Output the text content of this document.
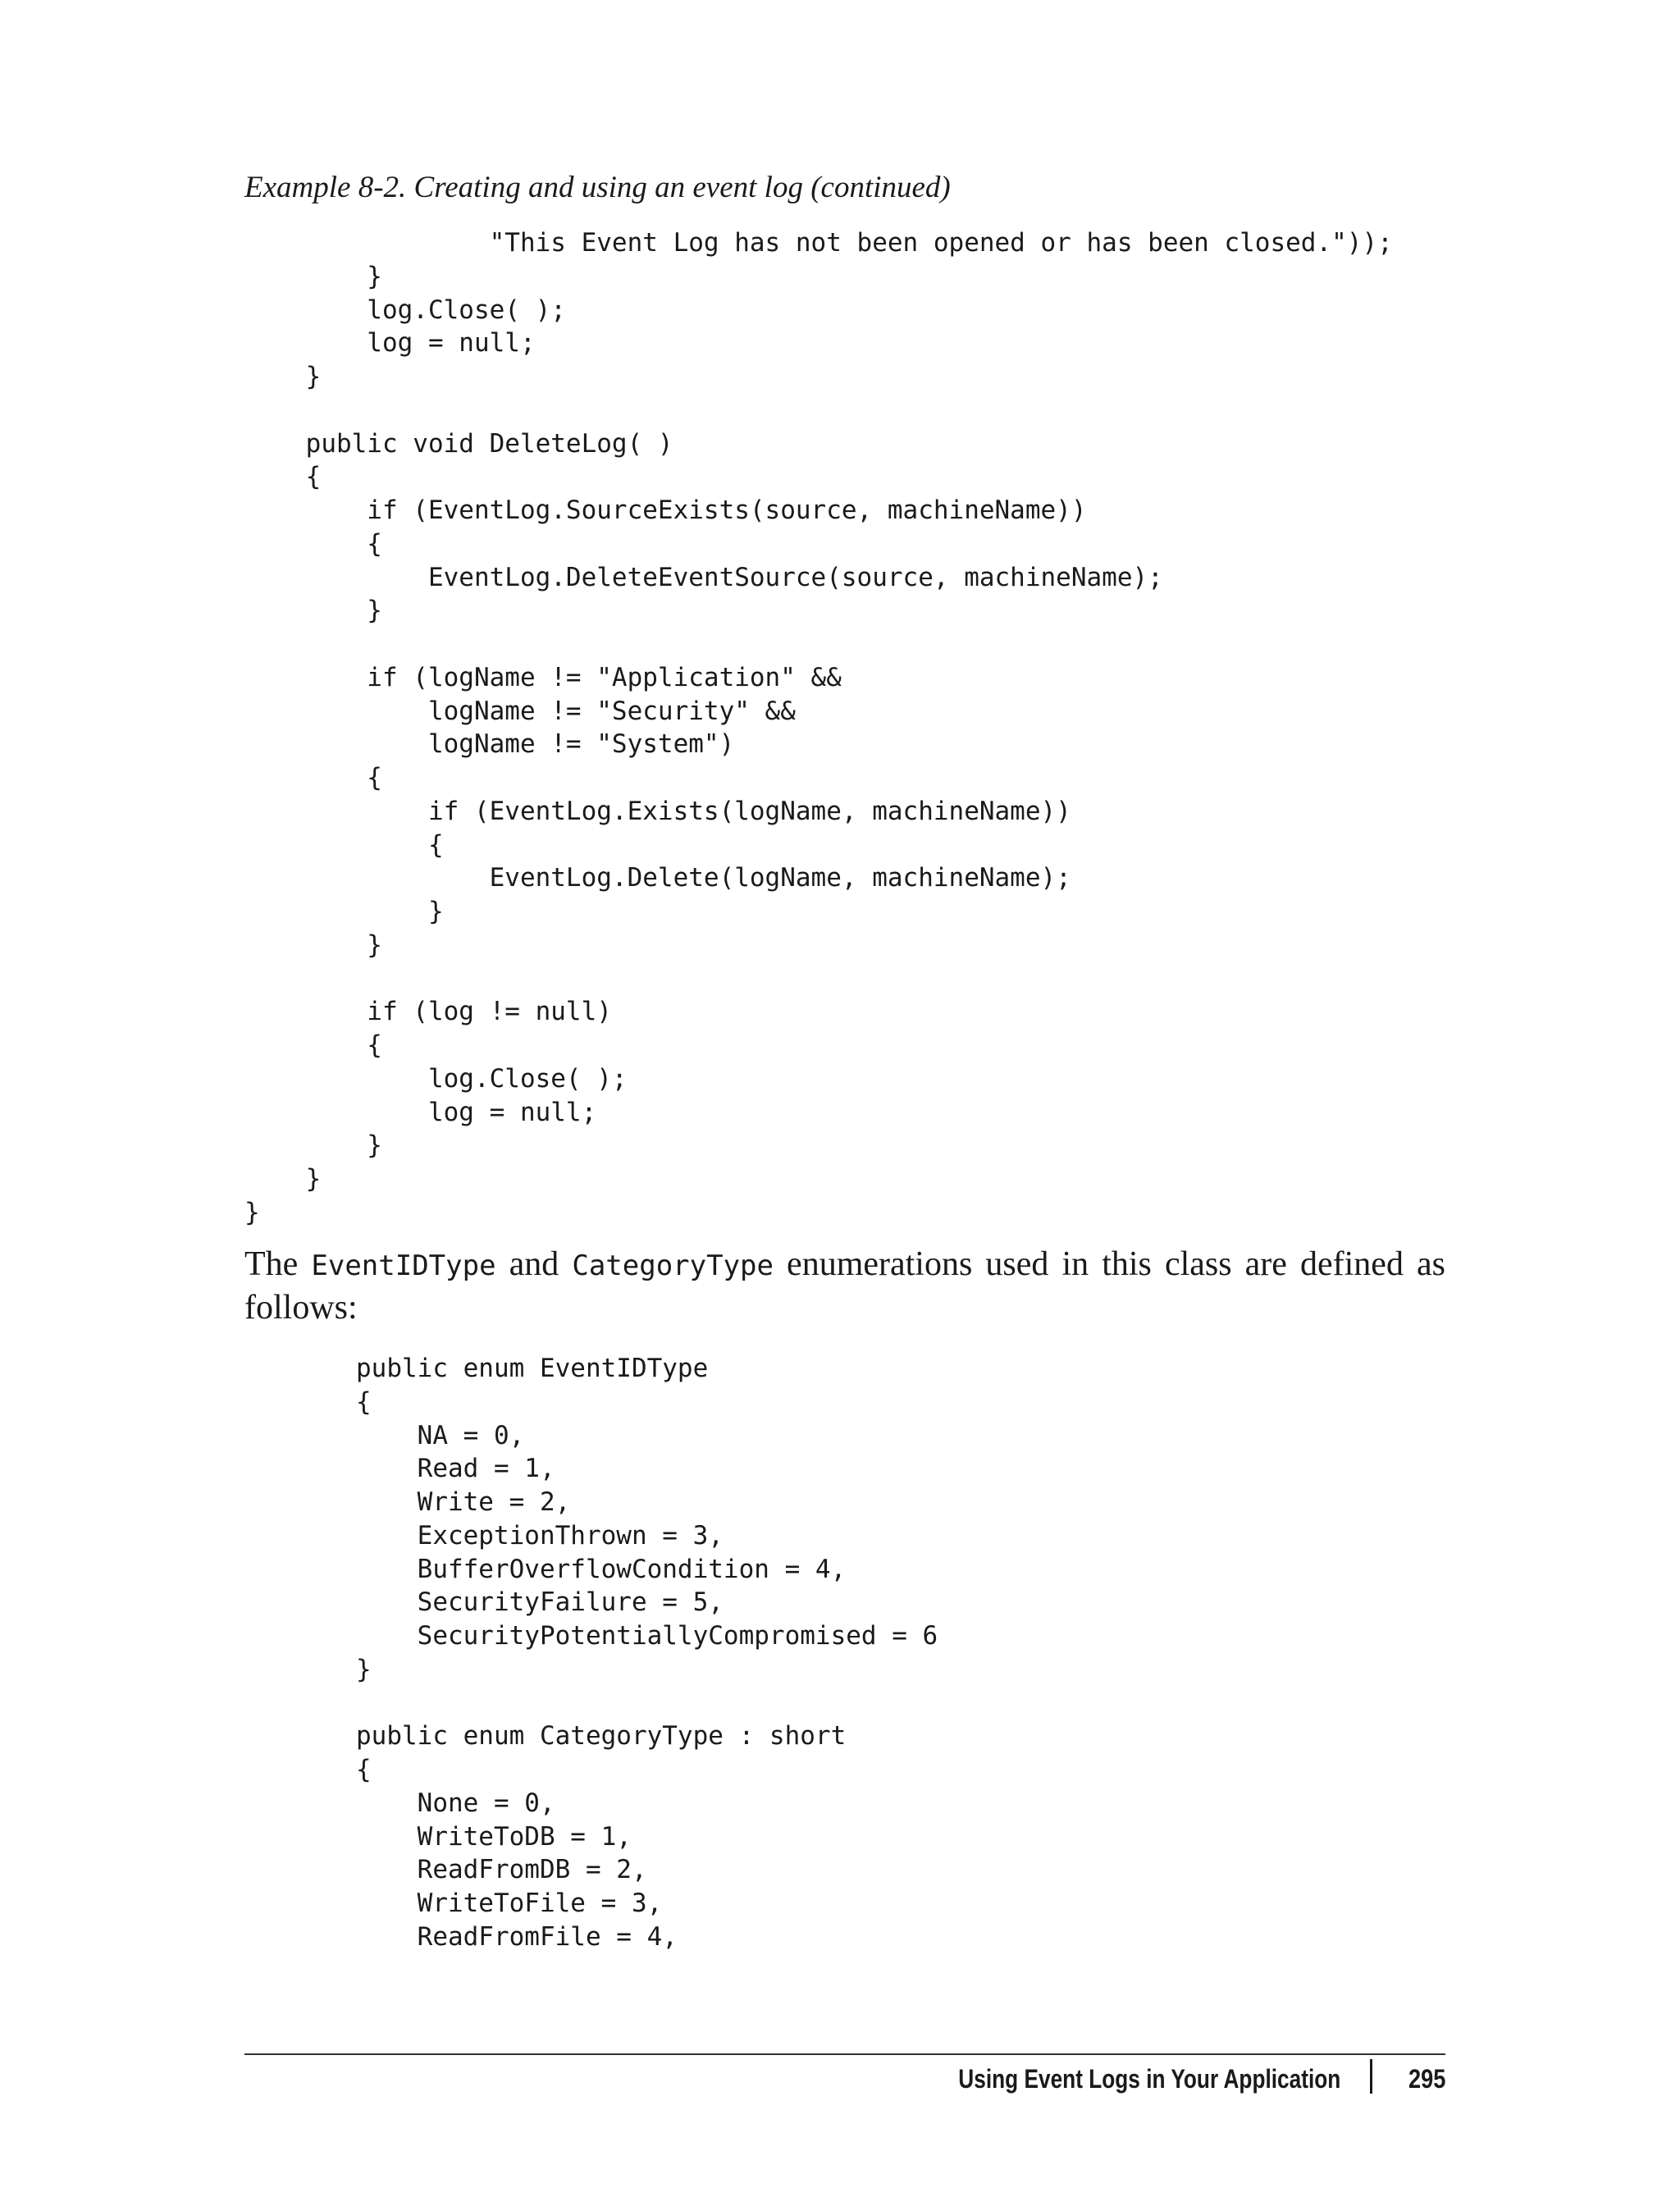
Example 8-2. Creating and using an event log (continued)

"This Event Log has not been opened or has been closed."));
}
log.Close( );
log = null;
}

public void DeleteLog( )
{
if (EventLog.SourceExists(source, machineName))
{
EventLog.DeleteEventSource(source, machineName);
}

if (logName != "Application" &&
logName != "Security" &&
logName != "System")
{
if (EventLog.Exists(logName, machineName))
{
EventLog.Delete(logName, machineName);
}
}

if (log != null)
{
log.Close( );
log = null;
}
}
}

The EventIDType and CategoryType enumerations used in this class are defined as follows:

public enum EventIDType
{
NA = 0,
Read = 1,
Write = 2,
ExceptionThrown = 3,
BufferOverflowCondition = 4,
SecurityFailure = 5,
SecurityPotentiallyCompromised = 6
}

public enum CategoryType : short
{
None = 0,
WriteToDB = 1,
ReadFromDB = 2,
WriteToFile = 3,
ReadFromFile = 4,
Using Event Logs in Your Application	295
